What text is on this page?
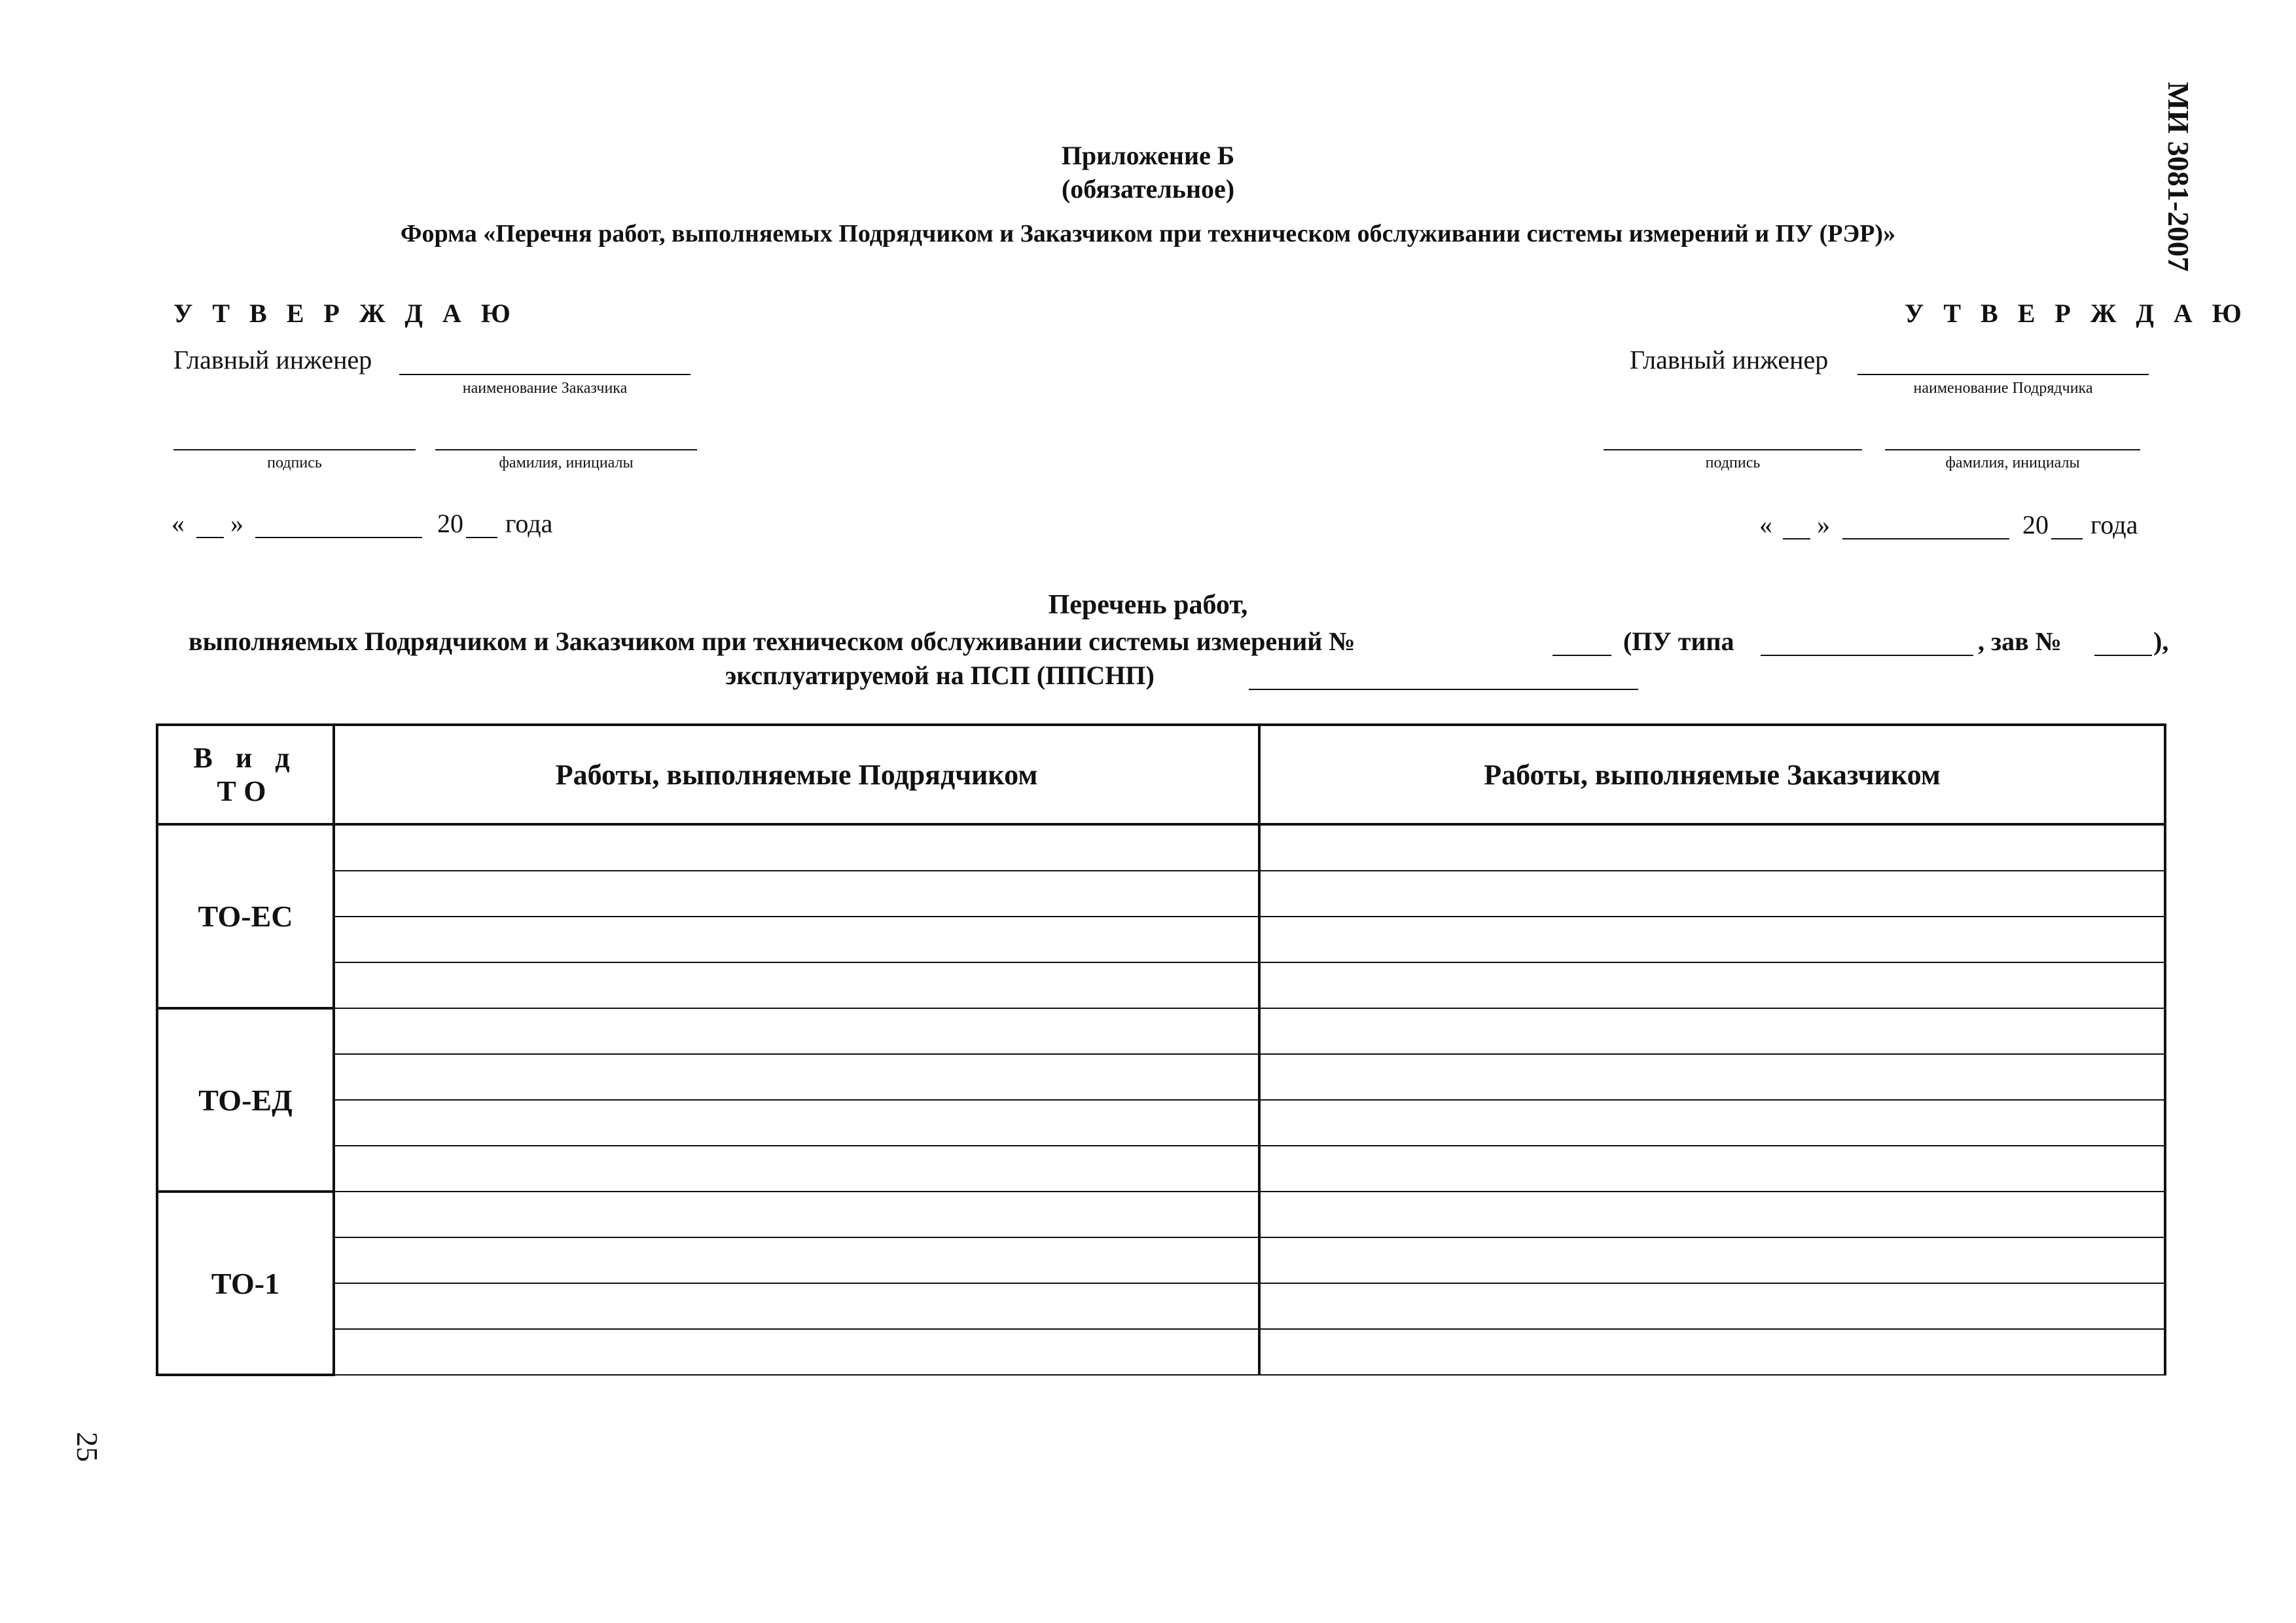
МИ 3081-2007
25
Приложение Б
(обязательное)
Форма «Перечня работ, выполняемых Подрядчиком и Заказчиком при техническом обслуживании системы измерений и ПУ (РЭР)»
У Т В Е Р Ж Д А Ю
Главный инженер
наименование Заказчика
подпись	фамилия, инициалы
« »	20 года
У Т В Е Р Ж Д А Ю
Главный инженер
наименование Подрядчика
подпись	фамилия, инициалы
« »	20 года
Перечень работ,
выполняемых Подрядчиком и Заказчиком при техническом обслуживании системы измерений №	(ПУ типа	, зав №	),
эксплуатируемой на ПСП (ППСНП)
В и д ТО	Работы, выполняемые Подрядчиком	Работы, выполняемые Заказчиком
ТО-ЕС		

ТО-ЕД		

ТО-1		
